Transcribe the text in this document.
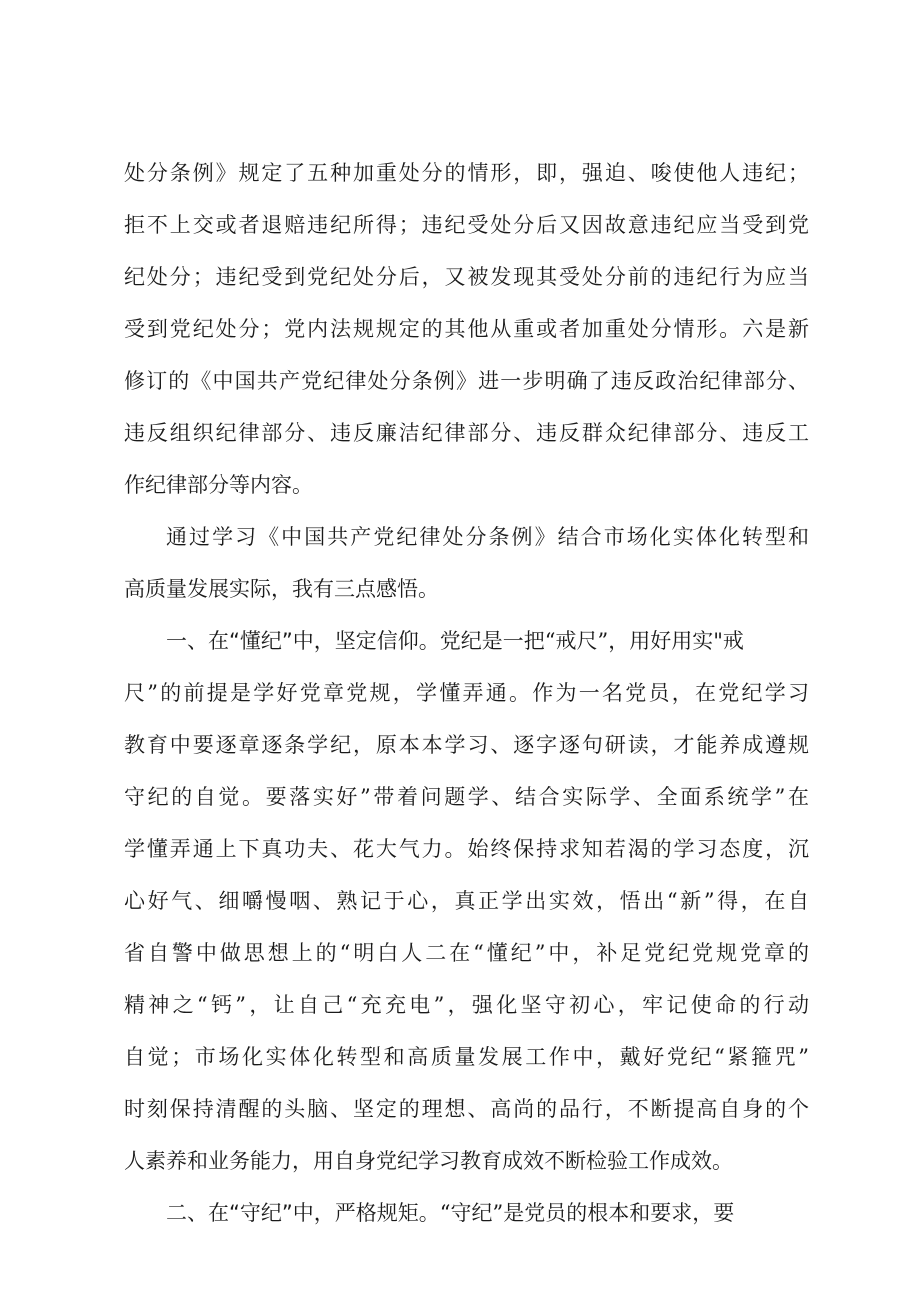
处分条例》规定了五种加重处分的情形，即，强迫、唆使他人违纪；
拒不上交或者退赔违纪所得；违纪受处分后又因故意违纪应当受到党
纪处分；违纪受到党纪处分后，又被发现其受处分前的违纪行为应当
受到党纪处分；党内法规规定的其他从重或者加重处分情形。六是新
修订的《中国共产党纪律处分条例》进一步明确了违反政治纪律部分、
违反组织纪律部分、违反廉洁纪律部分、违反群众纪律部分、违反工
作纪律部分等内容。
通过学习《中国共产党纪律处分条例》结合市场化实体化转型和
高质量发展实际，我有三点感悟。
一、在“懂纪”中，坚定信仰。党纪是一把“戒尺”，用好用实"戒
尺”的前提是学好党章党规，学懂弄通。作为一名党员，在党纪学习
教育中要逐章逐条学纪，原本本学习、逐字逐句研读，才能养成遵规
守纪的自觉。要落实好”带着问题学、结合实际学、全面系统学”在
学懂弄通上下真功夫、花大气力。始终保持求知若渴的学习态度，沉
心好气、细嚼慢咽、熟记于心，真正学出实效，悟出“新”得，在自
省自警中做思想上的“明白人二在“懂纪”中，补足党纪党规党章的
精神之“钙”，让自己“充充电”，强化坚守初心，牢记使命的行动
自觉；市场化实体化转型和高质量发展工作中，戴好党纪“紧箍咒”
时刻保持清醒的头脑、坚定的理想、高尚的品行，不断提高自身的个
人素养和业务能力，用自身党纪学习教育成效不断检验工作成效。
二、在“守纪”中，严格规矩。“守纪”是党员的根本和要求，要
